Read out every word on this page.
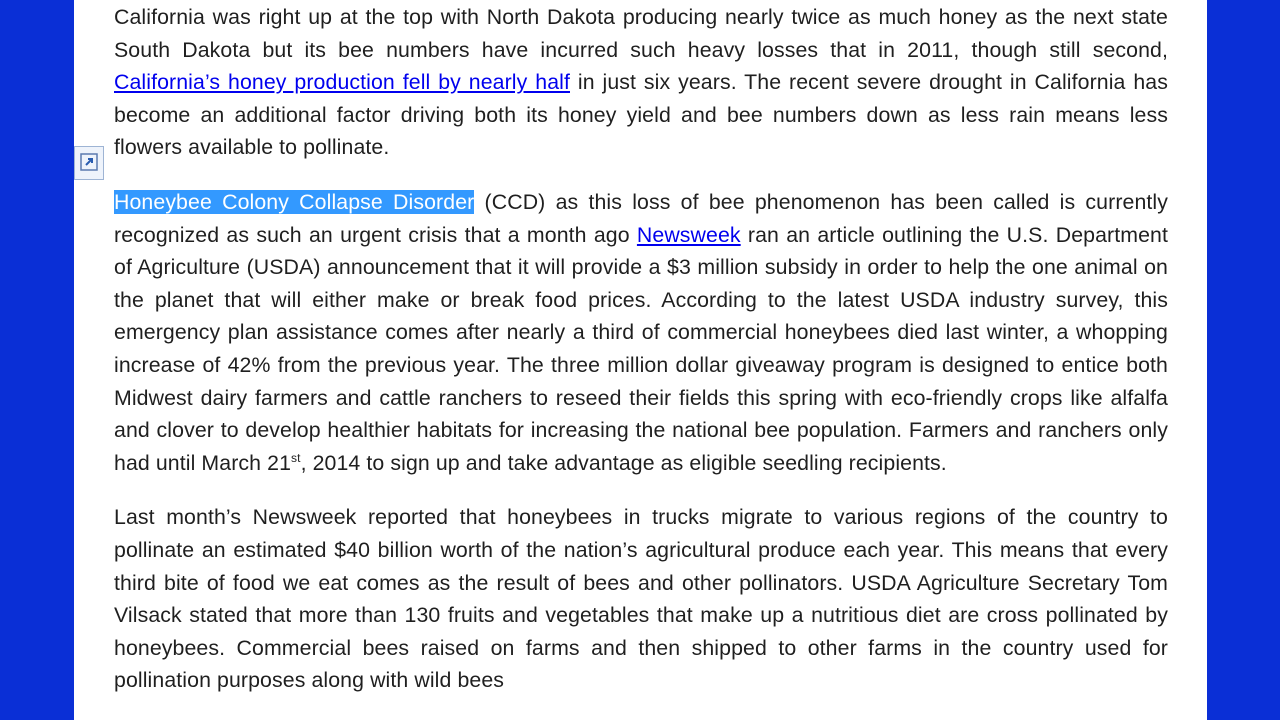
California was right up at the top with North Dakota producing nearly twice as much honey as the next state South Dakota but its bee numbers have incurred such heavy losses that in 2011, though still second, California’s honey production fell by nearly half in just six years. The recent severe drought in California has become an additional factor driving both its honey yield and bee numbers down as less rain means less flowers available to pollinate.

Honeybee Colony Collapse Disorder (CCD) as this loss of bee phenomenon has been called is currently recognized as such an urgent crisis that a month ago Newsweek ran an article outlining the U.S. Department of Agriculture (USDA) announcement that it will provide a $3 million subsidy in order to help the one animal on the planet that will either make or break food prices. According to the latest USDA industry survey, this emergency plan assistance comes after nearly a third of commercial honeybees died last winter, a whopping increase of 42% from the previous year. The three million dollar giveaway program is designed to entice both Midwest dairy farmers and cattle ranchers to reseed their fields this spring with eco-friendly crops like alfalfa and clover to develop healthier habitats for increasing the national bee population. Farmers and ranchers only had until March 21st, 2014 to sign up and take advantage as eligible seedling recipients.

Last month’s Newsweek reported that honeybees in trucks migrate to various regions of the country to pollinate an estimated $40 billion worth of the nation’s agricultural produce each year. This means that every third bite of food we eat comes as the result of bees and other pollinators. USDA Agriculture Secretary Tom Vilsack stated that more than 130 fruits and vegetables that make up a nutritious diet are cross pollinated by honeybees. Commercial bees raised on farms and then shipped to other farms in the country used for pollination purposes along with wild bees
